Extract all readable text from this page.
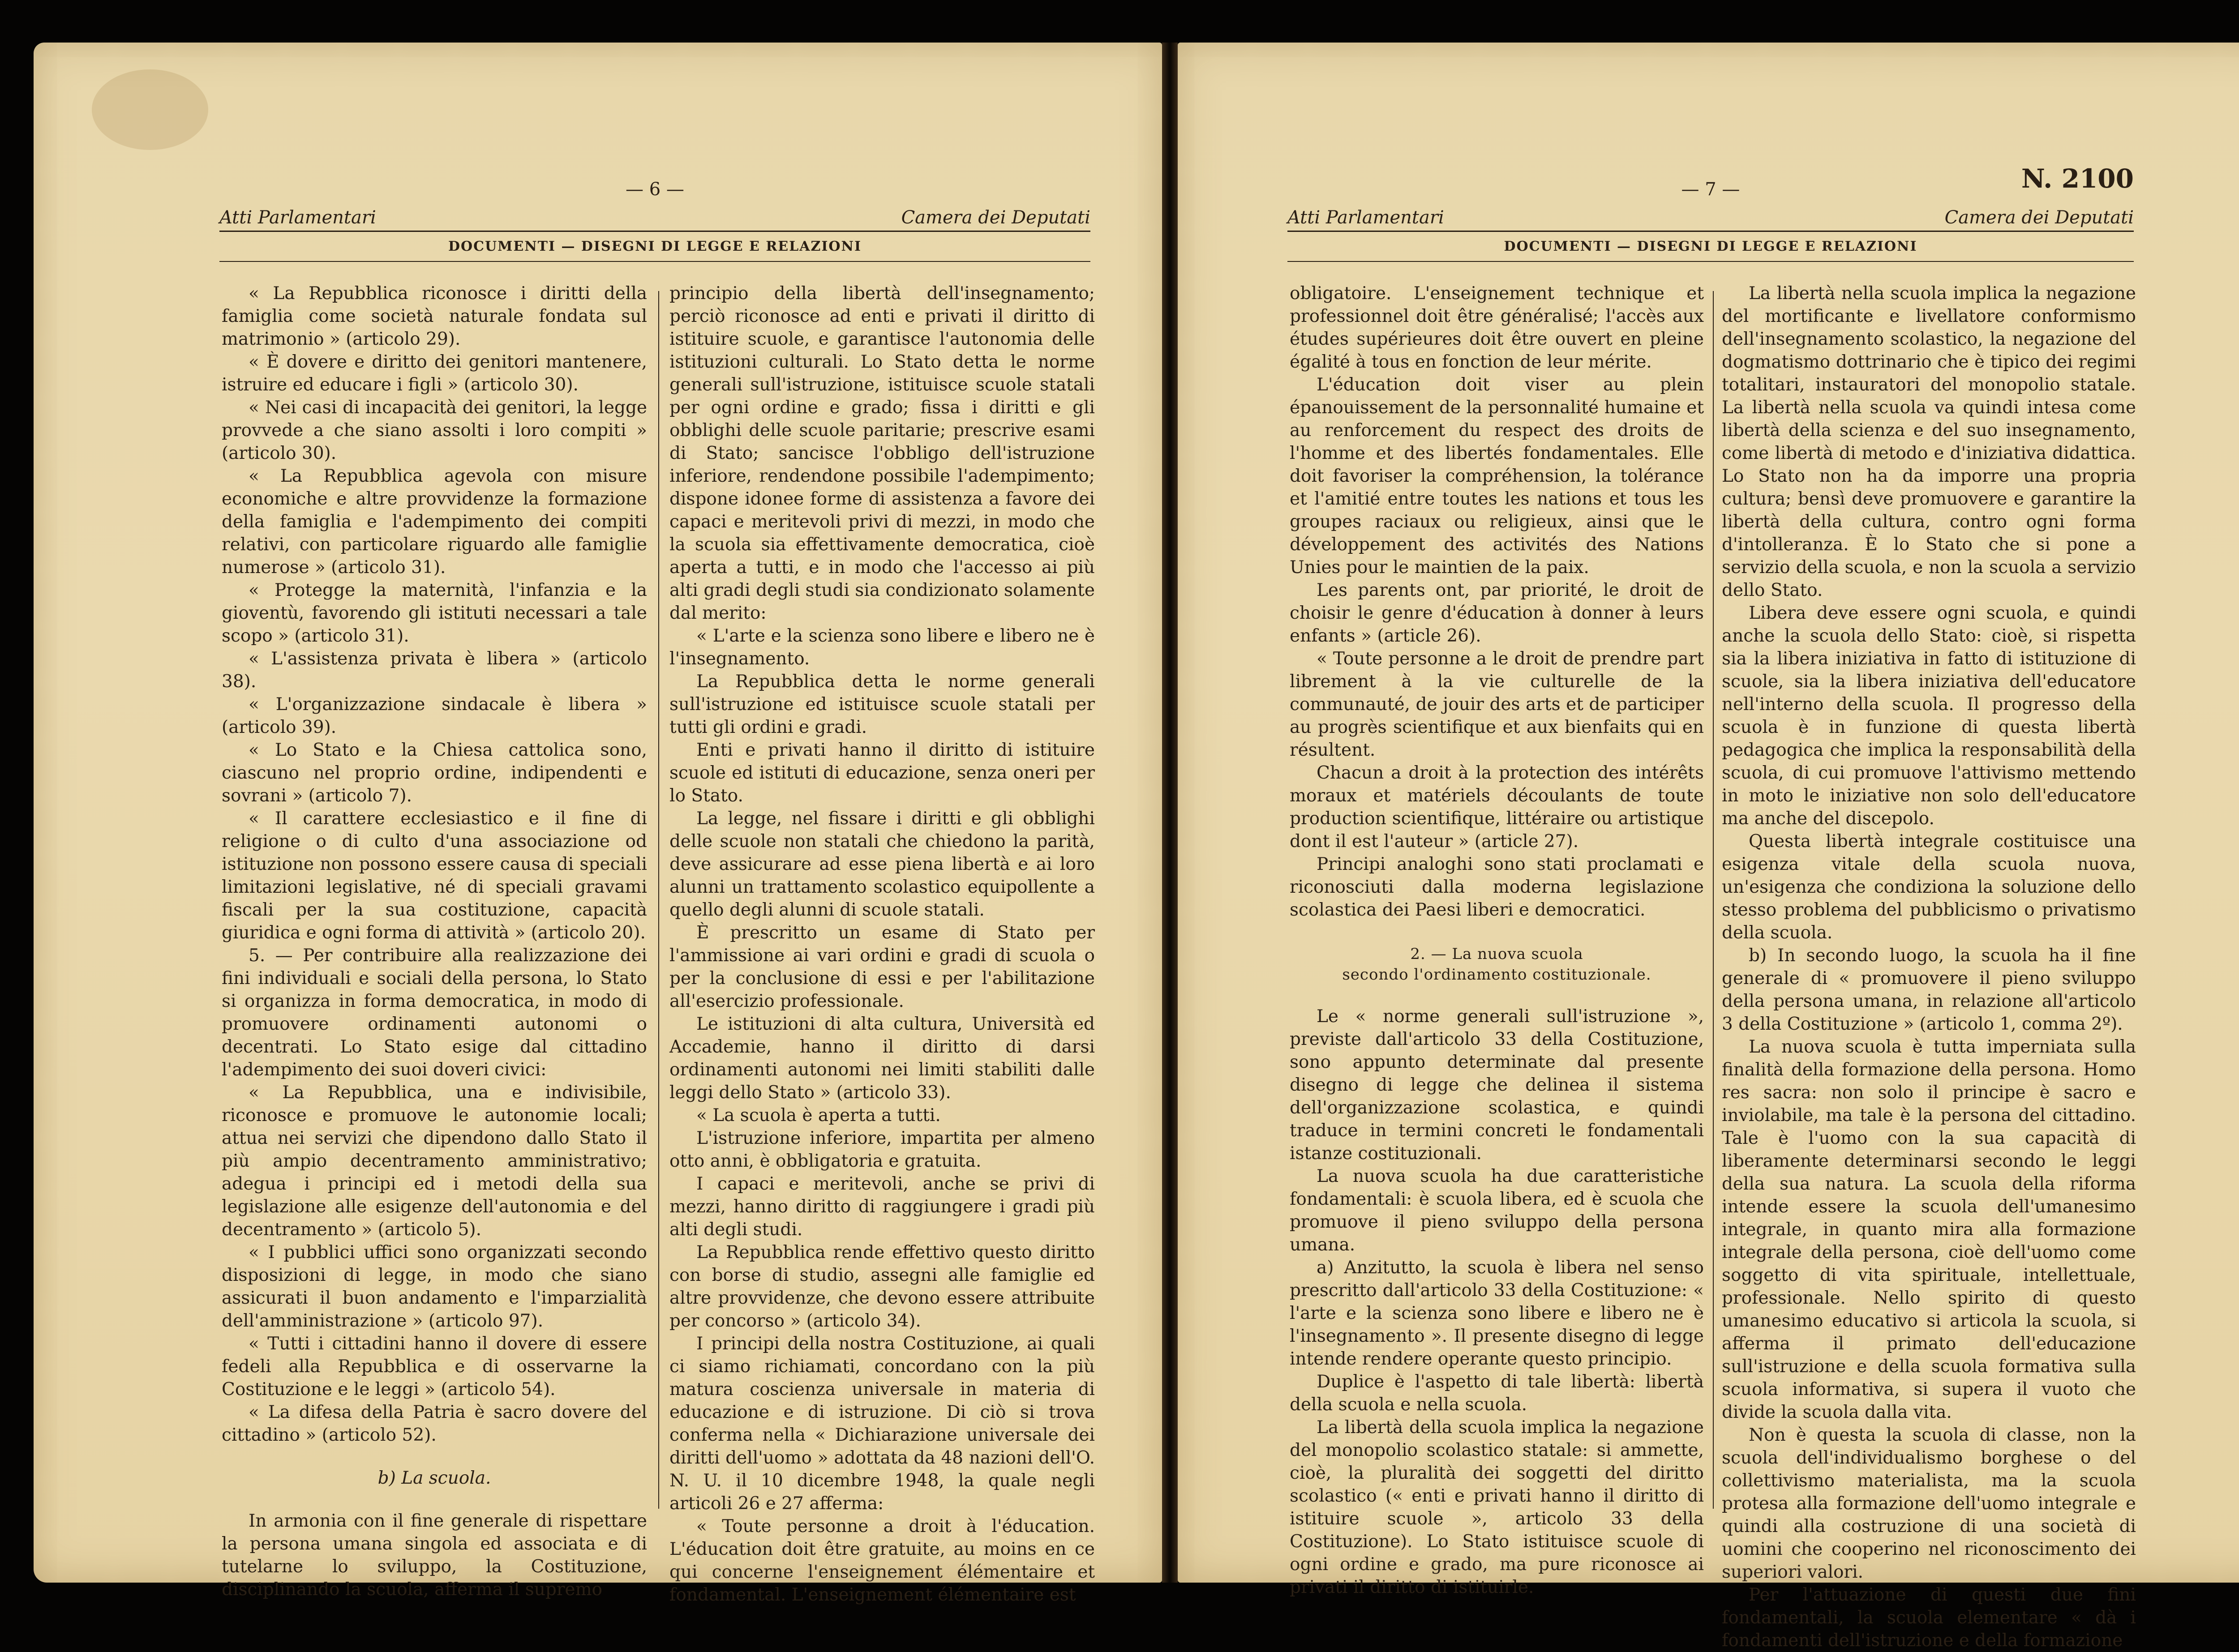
Atti Parlamentari
— 6 —
Camera dei Deputati
DOCUMENTI — DISEGNI DI LEGGE E RELAZIONI

« La Repubblica riconosce i diritti della famiglia come società naturale fondata sul matrimonio » (articolo 29).

« È dovere e diritto dei genitori mantenere, istruire ed educare i figli » (articolo 30).

« Nei casi di incapacità dei genitori, la legge provvede a che siano assolti i loro compiti » (articolo 30).

« La Repubblica agevola con misure economiche e altre provvidenze la formazione della famiglia e l'adempimento dei compiti relativi, con particolare riguardo alle famiglie numerose » (articolo 31).

« Protegge la maternità, l'infanzia e la gioventù, favorendo gli istituti necessari a tale scopo » (articolo 31).

« L'assistenza privata è libera » (articolo 38).

« L'organizzazione sindacale è libera » (articolo 39).

« Lo Stato e la Chiesa cattolica sono, ciascuno nel proprio ordine, indipendenti e sovrani » (articolo 7).

« Il carattere ecclesiastico e il fine di religione o di culto d'una associazione od istituzione non possono essere causa di speciali limitazioni legislative, né di speciali gravami fiscali per la sua costituzione, capacità giuridica e ogni forma di attività » (articolo 20).

5. — Per contribuire alla realizzazione dei fini individuali e sociali della persona, lo Stato si organizza in forma democratica, in modo di promuovere ordinamenti autonomi o decentrati. Lo Stato esige dal cittadino l'adempimento dei suoi doveri civici:

« La Repubblica, una e indivisibile, riconosce e promuove le autonomie locali; attua nei servizi che dipendono dallo Stato il più ampio decentramento amministrativo; adegua i principi ed i metodi della sua legislazione alle esigenze dell'autonomia e del decentramento » (articolo 5).

« I pubblici uffici sono organizzati secondo disposizioni di legge, in modo che siano assicurati il buon andamento e l'imparzialità dell'amministrazione » (articolo 97).

« Tutti i cittadini hanno il dovere di essere fedeli alla Repubblica e di osservarne la Costituzione e le leggi » (articolo 54).

« La difesa della Patria è sacro dovere del cittadino » (articolo 52).

b) La scuola.

In armonia con il fine generale di rispettare la persona umana singola ed associata e di tutelarne lo sviluppo, la Costituzione, disciplinando la scuola, afferma il supremo

principio della libertà dell'insegnamento; perciò riconosce ad enti e privati il diritto di istituire scuole, e garantisce l'autonomia delle istituzioni culturali. Lo Stato detta le norme generali sull'istruzione, istituisce scuole statali per ogni ordine e grado; fissa i diritti e gli obblighi delle scuole paritarie; prescrive esami di Stato; sancisce l'obbligo dell'istruzione inferiore, rendendone possibile l'adempimento; dispone idonee forme di assistenza a favore dei capaci e meritevoli privi di mezzi, in modo che la scuola sia effettivamente democratica, cioè aperta a tutti, e in modo che l'accesso ai più alti gradi degli studi sia condizionato solamente dal merito:

« L'arte e la scienza sono libere e libero ne è l'insegnamento.

La Repubblica detta le norme generali sull'istruzione ed istituisce scuole statali per tutti gli ordini e gradi.

Enti e privati hanno il diritto di istituire scuole ed istituti di educazione, senza oneri per lo Stato.

La legge, nel fissare i diritti e gli obblighi delle scuole non statali che chiedono la parità, deve assicurare ad esse piena libertà e ai loro alunni un trattamento scolastico equipollente a quello degli alunni di scuole statali.

È prescritto un esame di Stato per l'ammissione ai vari ordini e gradi di scuola o per la conclusione di essi e per l'abilitazione all'esercizio professionale.

Le istituzioni di alta cultura, Università ed Accademie, hanno il diritto di darsi ordinamenti autonomi nei limiti stabiliti dalle leggi dello Stato » (articolo 33).

« La scuola è aperta a tutti.

L'istruzione inferiore, impartita per almeno otto anni, è obbligatoria e gratuita.

I capaci e meritevoli, anche se privi di mezzi, hanno diritto di raggiungere i gradi più alti degli studi.

La Repubblica rende effettivo questo diritto con borse di studio, assegni alle famiglie ed altre provvidenze, che devono essere attribuite per concorso » (articolo 34).

I principi della nostra Costituzione, ai quali ci siamo richiamati, concordano con la più matura coscienza universale in materia di educazione e di istruzione. Di ciò si trova conferma nella « Dichiarazione universale dei diritti dell'uomo » adottata da 48 nazioni dell'O. N. U. il 10 dicembre 1948, la quale negli articoli 26 e 27 afferma:

« Toute personne a droit à l'éducation. L'éducation doit être gratuite, au moins en ce qui concerne l'enseignement élémentaire et fondamental. L'enseignement élémentaire est

Atti Parlamentari
— 7 —	N. 2100
Camera dei Deputati
DOCUMENTI — DISEGNI DI LEGGE E RELAZIONI

obligatoire. L'enseignement technique et professionnel doit être généralisé; l'accès aux études supérieures doit être ouvert en pleine égalité à tous en fonction de leur mérite.

L'éducation doit viser au plein épanouissement de la personnalité humaine et au renforcement du respect des droits de l'homme et des libertés fondamentales. Elle doit favoriser la compréhension, la tolérance et l'amitié entre toutes les nations et tous les groupes raciaux ou religieux, ainsi que le développement des activités des Nations Unies pour le maintien de la paix.

Les parents ont, par priorité, le droit de choisir le genre d'éducation à donner à leurs enfants » (article 26).

« Toute personne a le droit de prendre part librement à la vie culturelle de la communauté, de jouir des arts et de participer au progrès scientifique et aux bienfaits qui en résultent.

Chacun a droit à la protection des intérêts moraux et matériels découlants de toute production scientifique, littéraire ou artistique dont il est l'auteur » (article 27).

Principi analoghi sono stati proclamati e riconosciuti dalla moderna legislazione scolastica dei Paesi liberi e democratici.

2. — La nuova scuola
secondo l'ordinamento costituzionale.

Le « norme generali sull'istruzione », previste dall'articolo 33 della Costituzione, sono appunto determinate dal presente disegno di legge che delinea il sistema dell'organizzazione scolastica, e quindi traduce in termini concreti le fondamentali istanze costituzionali.

La nuova scuola ha due caratteristiche fondamentali: è scuola libera, ed è scuola che promuove il pieno sviluppo della persona umana.

a) Anzitutto, la scuola è libera nel senso prescritto dall'articolo 33 della Costituzione: « l'arte e la scienza sono libere e libero ne è l'insegnamento ». Il presente disegno di legge intende rendere operante questo principio.

Duplice è l'aspetto di tale libertà: libertà della scuola e nella scuola.

La libertà della scuola implica la negazione del monopolio scolastico statale: si ammette, cioè, la pluralità dei soggetti del diritto scolastico (« enti e privati hanno il diritto di istituire scuole », articolo 33 della Costituzione). Lo Stato istituisce scuole di ogni ordine e grado, ma pure riconosce ai privati il diritto di istituirle.

La libertà nella scuola implica la negazione del mortificante e livellatore conformismo dell'insegnamento scolastico, la negazione del dogmatismo dottrinario che è tipico dei regimi totalitari, instauratori del monopolio statale. La libertà nella scuola va quindi intesa come libertà della scienza e del suo insegnamento, come libertà di metodo e d'iniziativa didattica. Lo Stato non ha da imporre una propria cultura; bensì deve promuovere e garantire la libertà della cultura, contro ogni forma d'intolleranza. È lo Stato che si pone a servizio della scuola, e non la scuola a servizio dello Stato.

Libera deve essere ogni scuola, e quindi anche la scuola dello Stato: cioè, si rispetta sia la libera iniziativa in fatto di istituzione di scuole, sia la libera iniziativa dell'educatore nell'interno della scuola. Il progresso della scuola è in funzione di questa libertà pedagogica che implica la responsabilità della scuola, di cui promuove l'attivismo mettendo in moto le iniziative non solo dell'educatore ma anche del discepolo.

Questa libertà integrale costituisce una esigenza vitale della scuola nuova, un'esigenza che condiziona la soluzione dello stesso problema del pubblicismo o privatismo della scuola.

b) In secondo luogo, la scuola ha il fine generale di « promuovere il pieno sviluppo della persona umana, in relazione all'articolo 3 della Costituzione » (articolo 1, comma 2º).

La nuova scuola è tutta imperniata sulla finalità della formazione della persona. Homo res sacra: non solo il principe è sacro e inviolabile, ma tale è la persona del cittadino. Tale è l'uomo con la sua capacità di liberamente determinarsi secondo le leggi della sua natura. La scuola della riforma intende essere la scuola dell'umanesimo integrale, in quanto mira alla formazione integrale della persona, cioè dell'uomo come soggetto di vita spirituale, intellettuale, professionale. Nello spirito di questo umanesimo educativo si articola la scuola, si afferma il primato dell'educazione sull'istruzione e della scuola formativa sulla scuola informativa, si supera il vuoto che divide la scuola dalla vita.

Non è questa la scuola di classe, non la scuola dell'individualismo borghese o del collettivismo materialista, ma la scuola protesa alla formazione dell'uomo integrale e quindi alla costruzione di una società di uomini che cooperino nel riconoscimento dei superiori valori.

Per l'attuazione di questi due fini fondamentali, la scuola elementare « dà i fondamenti dell'istruzione e della formazione
